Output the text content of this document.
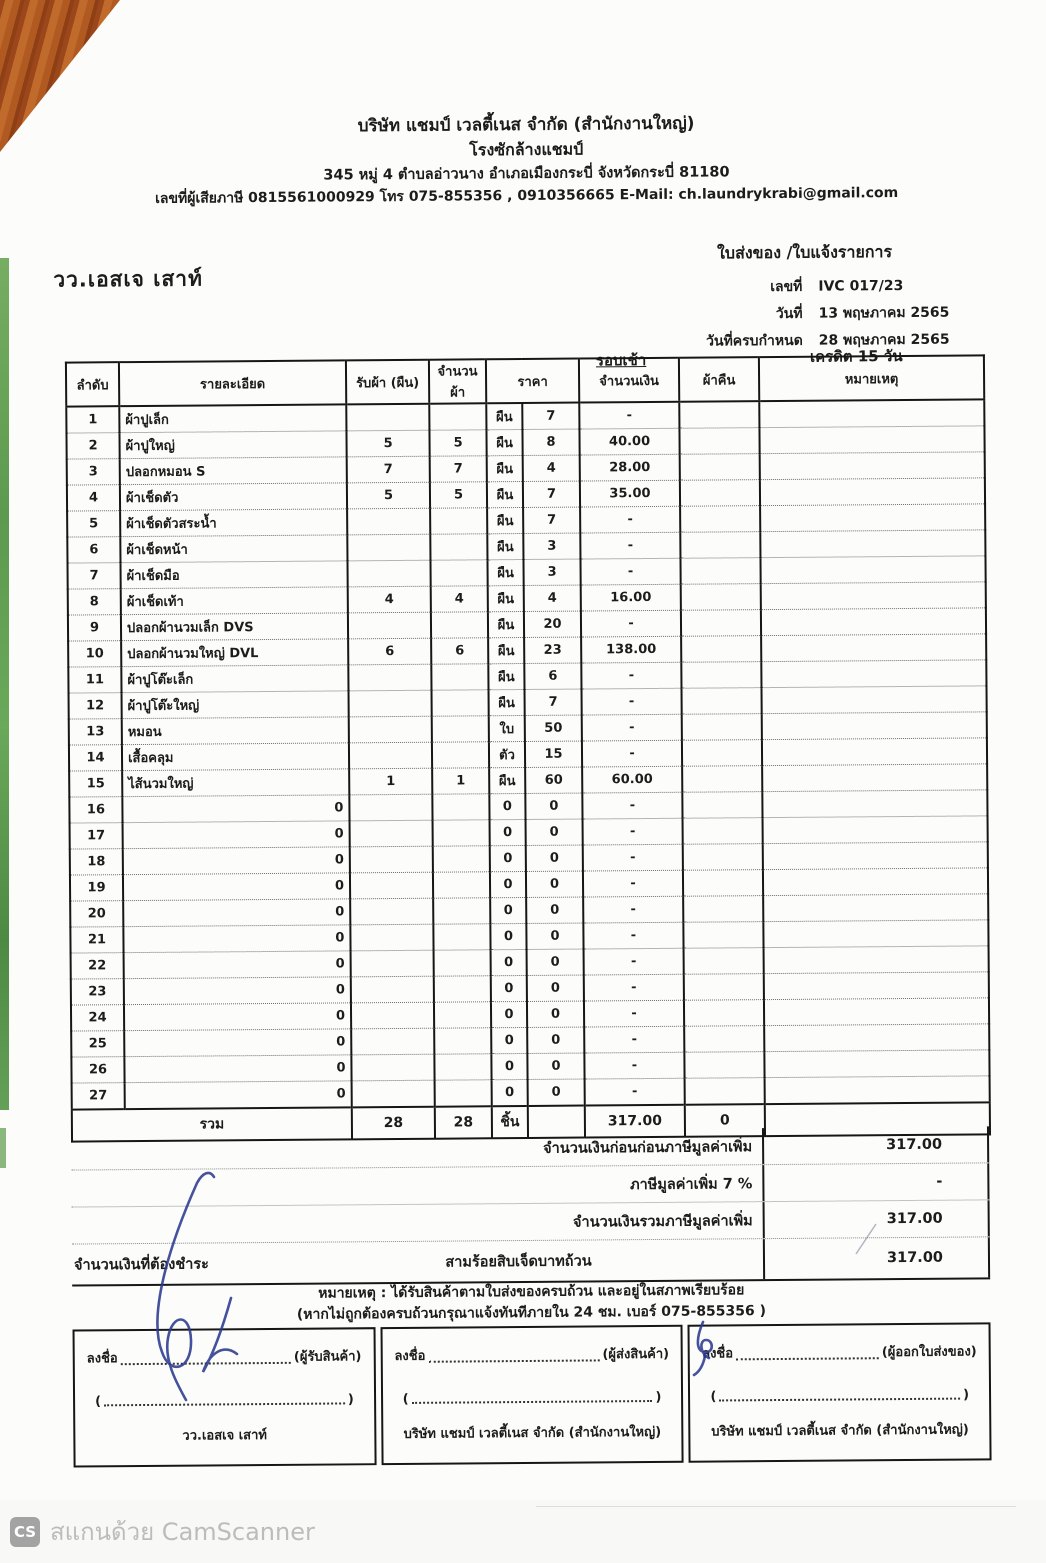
บริษัท แชมป์ เวลตี้เนส จำกัด (สำนักงานใหญ่)
โรงซักล้างแชมป์
345 หมู่ 4 ตำบลอ่าวนาง อำเภอเมืองกระบี่ จังหวัดกระบี่ 81180
เลขที่ผู้เสียภาษี 0815561000929 โทร 075-855356 , 0910356665 E-Mail: ch.laundrykrabi@gmail.com
ใบส่งของ /ใบแจ้งรายการ
เลขที่	IVC 017/23
วันที่	13 พฤษภาคม 2565
วันที่ครบกำหนด	28 พฤษภาคม 2565
วว.เอสเจ เสาท์
รอบเช้า	เครดิต 15 วัน
ลำดับ	รายละเอียด	รับผ้า (ผืน)	จำนวนผ้า	ราคา		จำนวนเงิน	ผ้าคืน	หมายเหตุ
1	ผ้าปูเล็ก			ผืน	7	-		
2	ผ้าปูใหญ่	5	5	ผืน	8	40.00		
3	ปลอกหมอน S	7	7	ผืน	4	28.00		
4	ผ้าเช็ดตัว	5	5	ผืน	7	35.00		
5	ผ้าเช็ดตัวสระน้ำ			ผืน	7	-		
6	ผ้าเช็ดหน้า			ผืน	3	-		
7	ผ้าเช็ดมือ			ผืน	3	-		
8	ผ้าเช็ดเท้า	4	4	ผืน	4	16.00		
9	ปลอกผ้านวมเล็ก DVS			ผืน	20	-		
10	ปลอกผ้านวมใหญ่ DVL	6	6	ผืน	23	138.00		
11	ผ้าปูโต๊ะเล็ก			ผืน	6	-		
12	ผ้าปูโต๊ะใหญ่			ผืน	7	-		
13	หมอน			ใบ	50	-		
14	เสื้อคลุม			ตัว	15	-		
15	ไส้นวมใหญ่	1	1	ผืน	60	60.00		
16	0			0	0	-		
17	0			0	0	-		
18	0			0	0	-		
19	0			0	0	-		
20	0			0	0	-		
21	0			0	0	-		
22	0			0	0	-		
23	0			0	0	-		
24	0			0	0	-		
25	0			0	0	-		
26	0			0	0	-		
27	0			0	0	-		
รวม		28	28	ชิ้น		317.00	0	
จำนวนเงินก่อนก่อนภาษีมูลค่าเพิ่ม	317.00
ภาษีมูลค่าเพิ่ม 7 %	-
จำนวนเงินรวมภาษีมูลค่าเพิ่ม	317.00
จำนวนเงินที่ต้องชำระ	สามร้อยสิบเจ็ดบาทถ้วน	317.00
หมายเหตุ : ได้รับสินค้าตามใบส่งของครบถ้วน และอยู่ในสภาพเรียบร้อย
(หากไม่ถูกต้องครบถ้วนกรุณาแจ้งทันทีภายใน 24 ชม. เบอร์ 075-855356 )
ลงชื่อ	(ผู้รับสินค้า)
(	)
วว.เอสเจ เสาท์
ลงชื่อ	(ผู้ส่งสินค้า)
(	)
บริษัท แชมป์ เวลตี้เนส จำกัด (สำนักงานใหญ่)
ลงชื่อ	(ผู้ออกใบส่งของ)
(	)
บริษัท แชมป์ เวลตี้เนส จำกัด (สำนักงานใหญ่)
CS สแกนด้วย CamScanner
